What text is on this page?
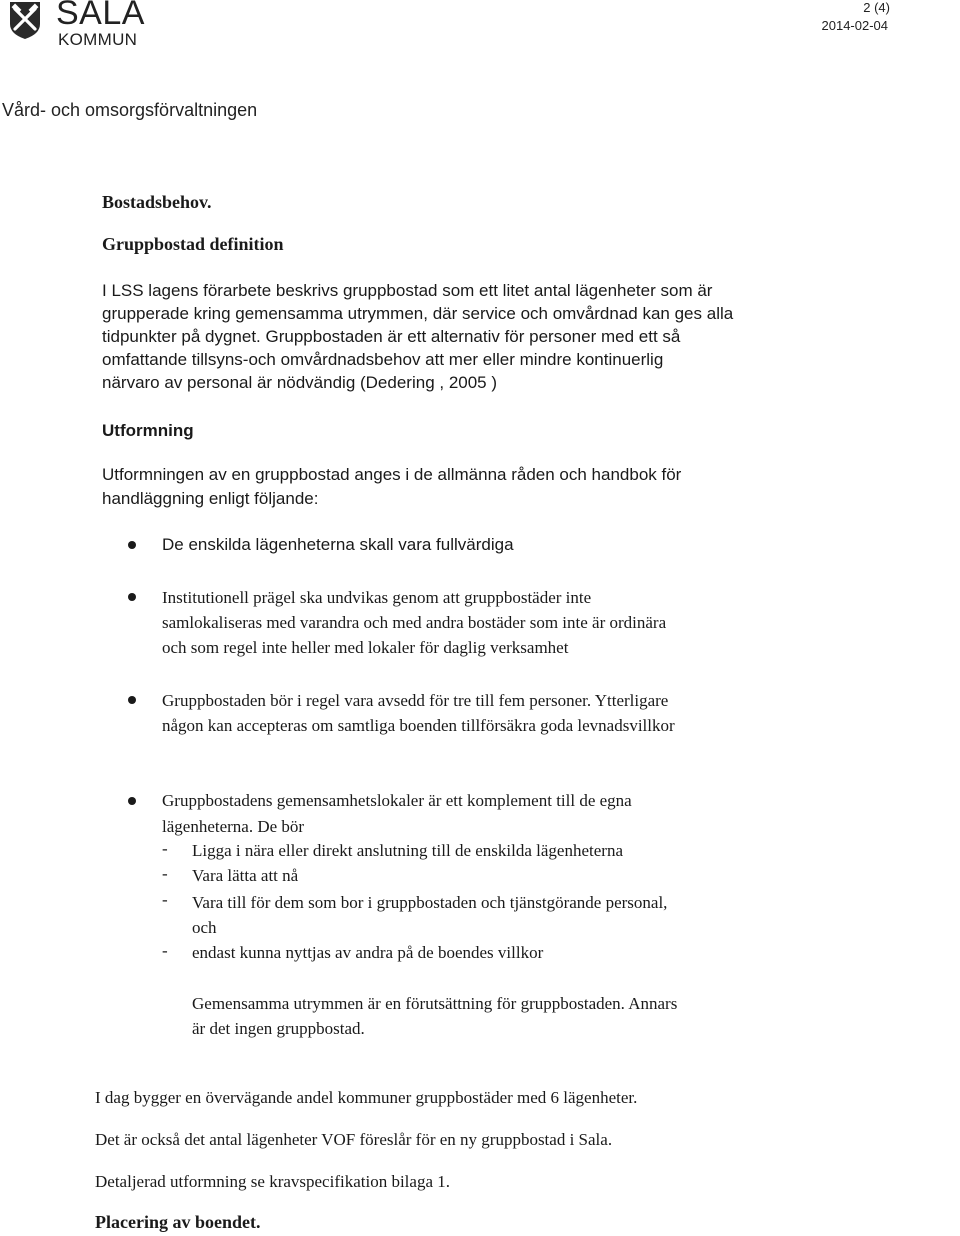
SALA
KOMMUN
2 (4)
2014-02-04
Vård- och omsorgsförvaltningen
Bostadsbehov.
Gruppbostad definition
I LSS lagens förarbete beskrivs gruppbostad som ett litet antal lägenheter som är
grupperade kring gemensamma utrymmen, där service och omvårdnad kan ges alla
tidpunkter på dygnet. Gruppbostaden är ett alternativ för personer med ett så
omfattande tillsyns-och omvårdnadsbehov att mer eller mindre kontinuerlig
närvaro av personal är nödvändig (Dedering , 2005 )
Utformning
Utformningen av en gruppbostad anges i de allmänna råden och handbok för
handläggning enligt följande:
De enskilda lägenheterna skall vara fullvärdiga
Institutionell prägel ska undvikas genom att gruppbostäder inte
samlokaliseras med varandra och med andra bostäder som inte är ordinära
och som regel inte heller med lokaler för daglig verksamhet
Gruppbostaden bör i regel vara avsedd för tre till fem personer. Ytterligare
någon kan accepteras om samtliga boenden tillförsäkra goda levnadsvillkor
Gruppbostadens gemensamhetslokaler är ett komplement till de egna
lägenheterna. De bör
- Ligga i nära eller direkt anslutning till de enskilda lägenheterna
- Vara lätta att nå
- Vara till för dem som bor i gruppbostaden och tjänstgörande personal,
och
- endast kunna nyttjas av andra på de boendes villkor
Gemensamma utrymmen är en förutsättning för gruppbostaden. Annars
är det ingen gruppbostad.
I dag bygger en övervägande andel kommuner gruppbostäder med 6 lägenheter.
Det är också det antal lägenheter VOF föreslår för en ny gruppbostad i Sala.
Detaljerad utformning se kravspecifikation bilaga 1.
Placering av boendet.
